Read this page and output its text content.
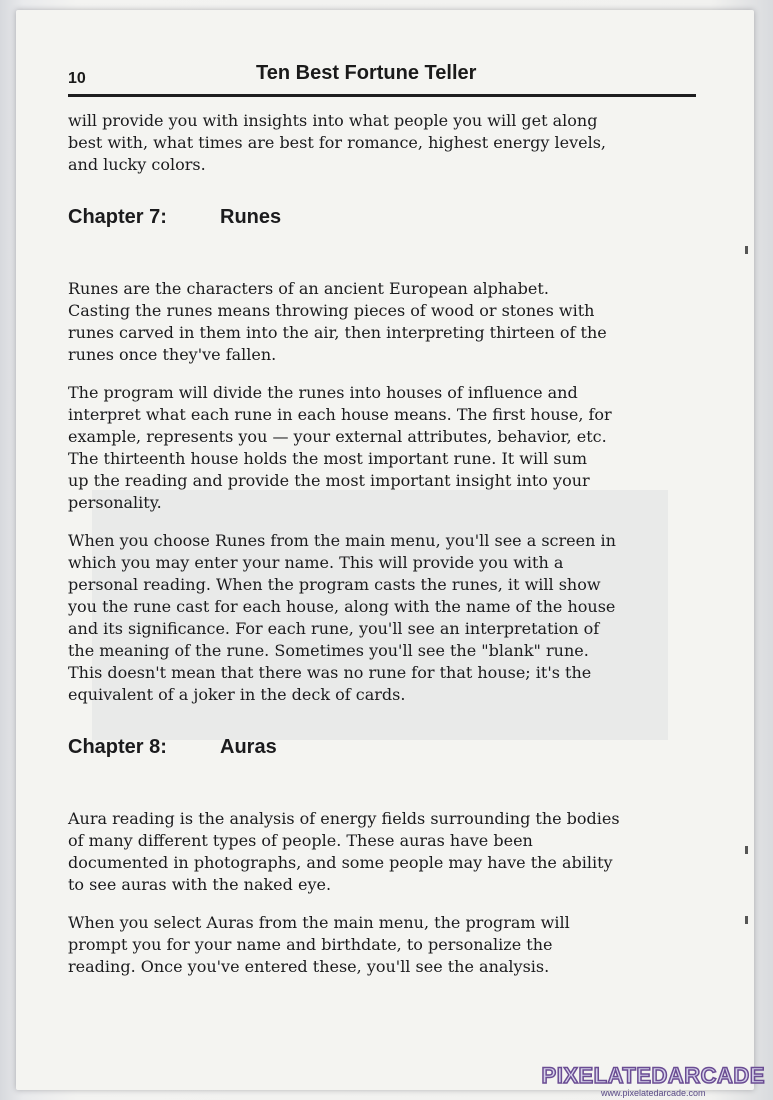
10	Ten Best Fortune Teller

will provide you with insights into what people you will get along
best with, what times are best for romance, highest energy levels,
and lucky colors.

Chapter 7:	Runes

Runes are the characters of an ancient European alphabet.
Casting the runes means throwing pieces of wood or stones with
runes carved in them into the air, then interpreting thirteen of the
runes once they've fallen.

The program will divide the runes into houses of influence and
interpret what each rune in each house means. The first house, for
example, represents you — your external attributes, behavior, etc.
The thirteenth house holds the most important rune. It will sum
up the reading and provide the most important insight into your
personality.

When you choose Runes from the main menu, you'll see a screen in
which you may enter your name. This will provide you with a
personal reading. When the program casts the runes, it will show
you the rune cast for each house, along with the name of the house
and its significance. For each rune, you'll see an interpretation of
the meaning of the rune. Sometimes you'll see the "blank" rune.
This doesn't mean that there was no rune for that house; it's the
equivalent of a joker in the deck of cards.

Chapter 8:	Auras

Aura reading is the analysis of energy fields surrounding the bodies
of many different types of people. These auras have been
documented in photographs, and some people may have the ability
to see auras with the naked eye.

When you select Auras from the main menu, the program will
prompt you for your name and birthdate, to personalize the
reading. Once you've entered these, you'll see the analysis.

PIXELATEDARCADE
www.pixelatedarcade.com
